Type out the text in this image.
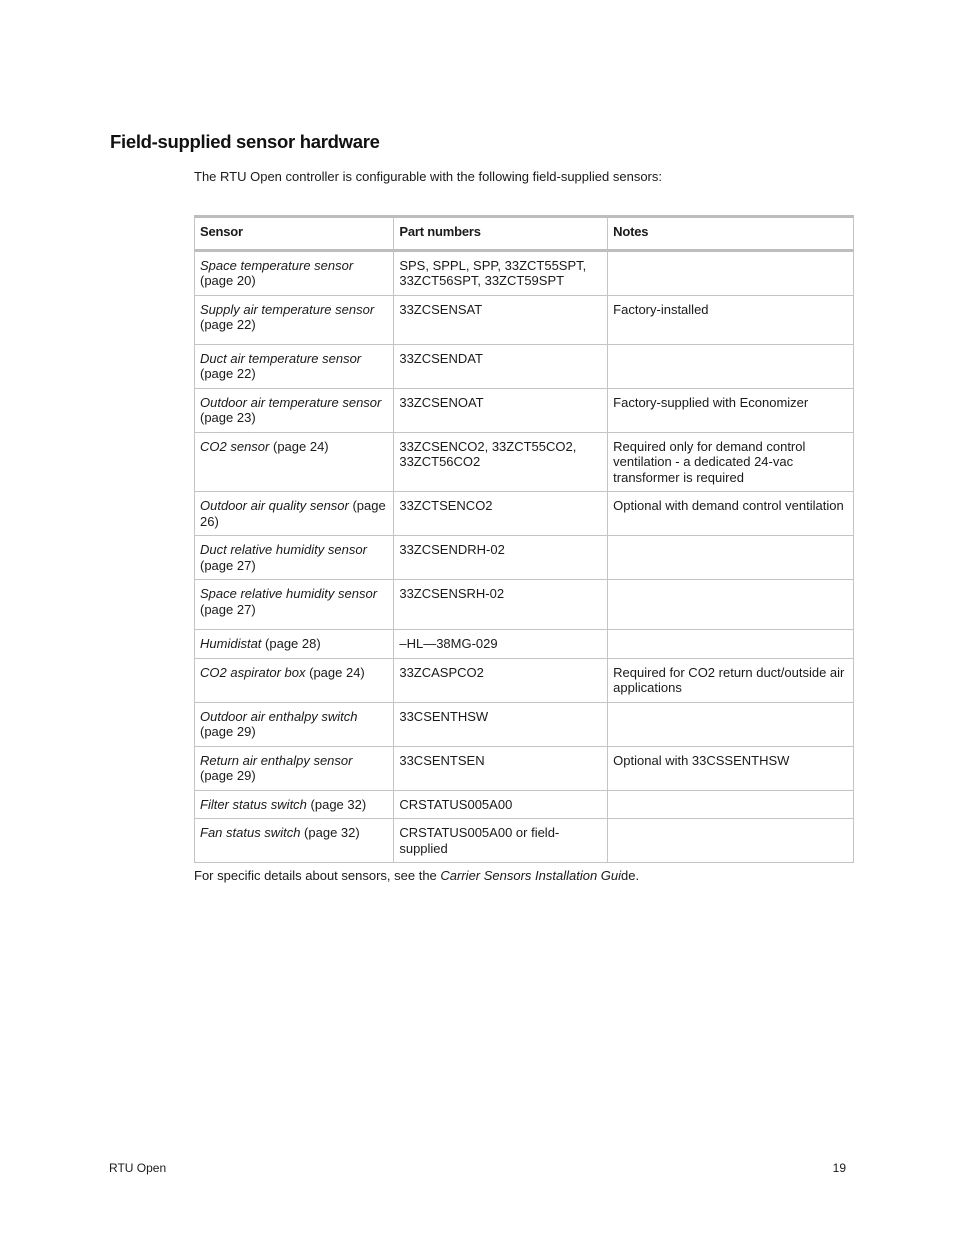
Field-supplied sensor hardware

The RTU Open controller is configurable with the following field-supplied sensors:

Sensor	Part numbers	Notes
Space temperature sensor (page 20)	SPS, SPPL, SPP, 33ZCT55SPT, 33ZCT56SPT, 33ZCT59SPT	
Supply air temperature sensor (page 22)	33ZCSENSAT	Factory-installed
Duct air temperature sensor (page 22)	33ZCSENDAT	
Outdoor air temperature sensor (page 23)	33ZCSENOAT	Factory-supplied with Economizer
CO2 sensor (page 24)	33ZCSENCO2, 33ZCT55CO2, 33ZCT56CO2	Required only for demand control ventilation - a dedicated 24-vac transformer is required
Outdoor air quality sensor (page 26)	33ZCTSENCO2	Optional with demand control ventilation
Duct relative humidity sensor (page 27)	33ZCSENDRH-02	
Space relative humidity sensor (page 27)	33ZCSENSRH-02	
Humidistat (page 28)	–HL—38MG-029	
CO2 aspirator box (page 24)	33ZCASPCO2	Required for CO2 return duct/outside air applications
Outdoor air enthalpy switch (page 29)	33CSENTHSW	
Return air enthalpy sensor (page 29)	33CSENTSEN	Optional with 33CSSENTHSW
Filter status switch (page 32)	CRSTATUS005A00	
Fan status switch (page 32)	CRSTATUS005A00 or field-supplied	

For specific details about sensors, see the Carrier Sensors Installation Guide.

RTU Open	19
